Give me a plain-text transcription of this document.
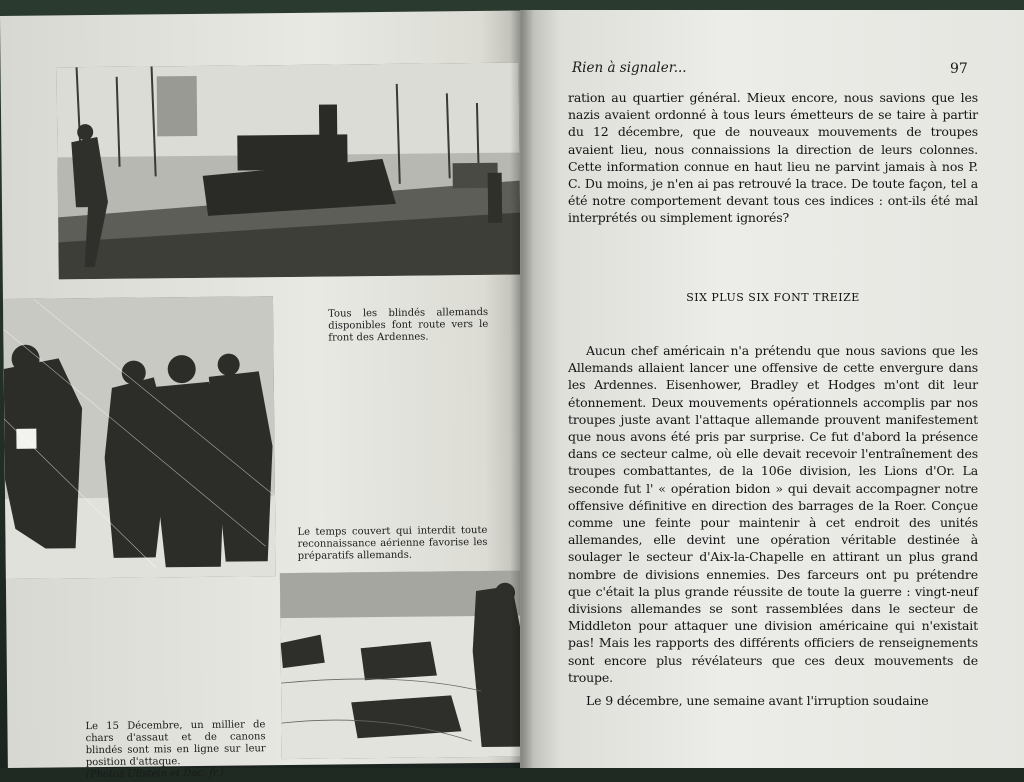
Tous les blindés allemands disponibles font route vers le front des Ardennes.
Le temps couvert qui interdit toute reconnaissance aérienne favorise les préparatifs allemands.
Le 15 Décembre, un millier de chars d'assaut et de canons blindés sont mis en ligne sur leur position d'attaque.
(Photos Ullstein et Doc. fr.)
Rien à signaler...	97

ration au quartier général. Mieux encore, nous savions que les nazis avaient ordonné à tous leurs émetteurs de se taire à partir du 12 décembre, que de nouveaux mouvements de troupes avaient lieu, nous connaissions la direction de leurs colonnes. Cette information connue en haut lieu ne parvint jamais à nos P. C. Du moins, je n'en ai pas retrouvé la trace. De toute façon, tel a été notre comportement devant tous ces indices : ont-ils été mal interprétés ou simplement ignorés?

SIX PLUS SIX FONT TREIZE

Aucun chef américain n'a prétendu que nous savions que les Allemands allaient lancer une offensive de cette envergure dans les Ardennes. Eisenhower, Bradley et Hodges m'ont dit leur étonnement. Deux mouvements opérationnels accomplis par nos troupes juste avant l'attaque allemande prouvent manifestement que nous avons été pris par surprise. Ce fut d'abord la présence dans ce secteur calme, où elle devait recevoir l'entraînement des troupes combattantes, de la 106e division, les Lions d'Or. La seconde fut l' « opération bidon » qui devait accompagner notre offensive définitive en direction des barrages de la Roer. Conçue comme une feinte pour maintenir à cet endroit des unités allemandes, elle devint une opération véritable destinée à soulager le secteur d'Aix-la-Chapelle en attirant un plus grand nombre de divisions ennemies. Des farceurs ont pu prétendre que c'était la plus grande réussite de toute la guerre : vingt-neuf divisions allemandes se sont rassemblées dans le secteur de Middleton pour attaquer une division américaine qui n'existait pas! Mais les rapports des différents officiers de renseignements sont encore plus révélateurs que ces deux mouvements de troupe.

Le 9 décembre, une semaine avant l'irruption soudaine
